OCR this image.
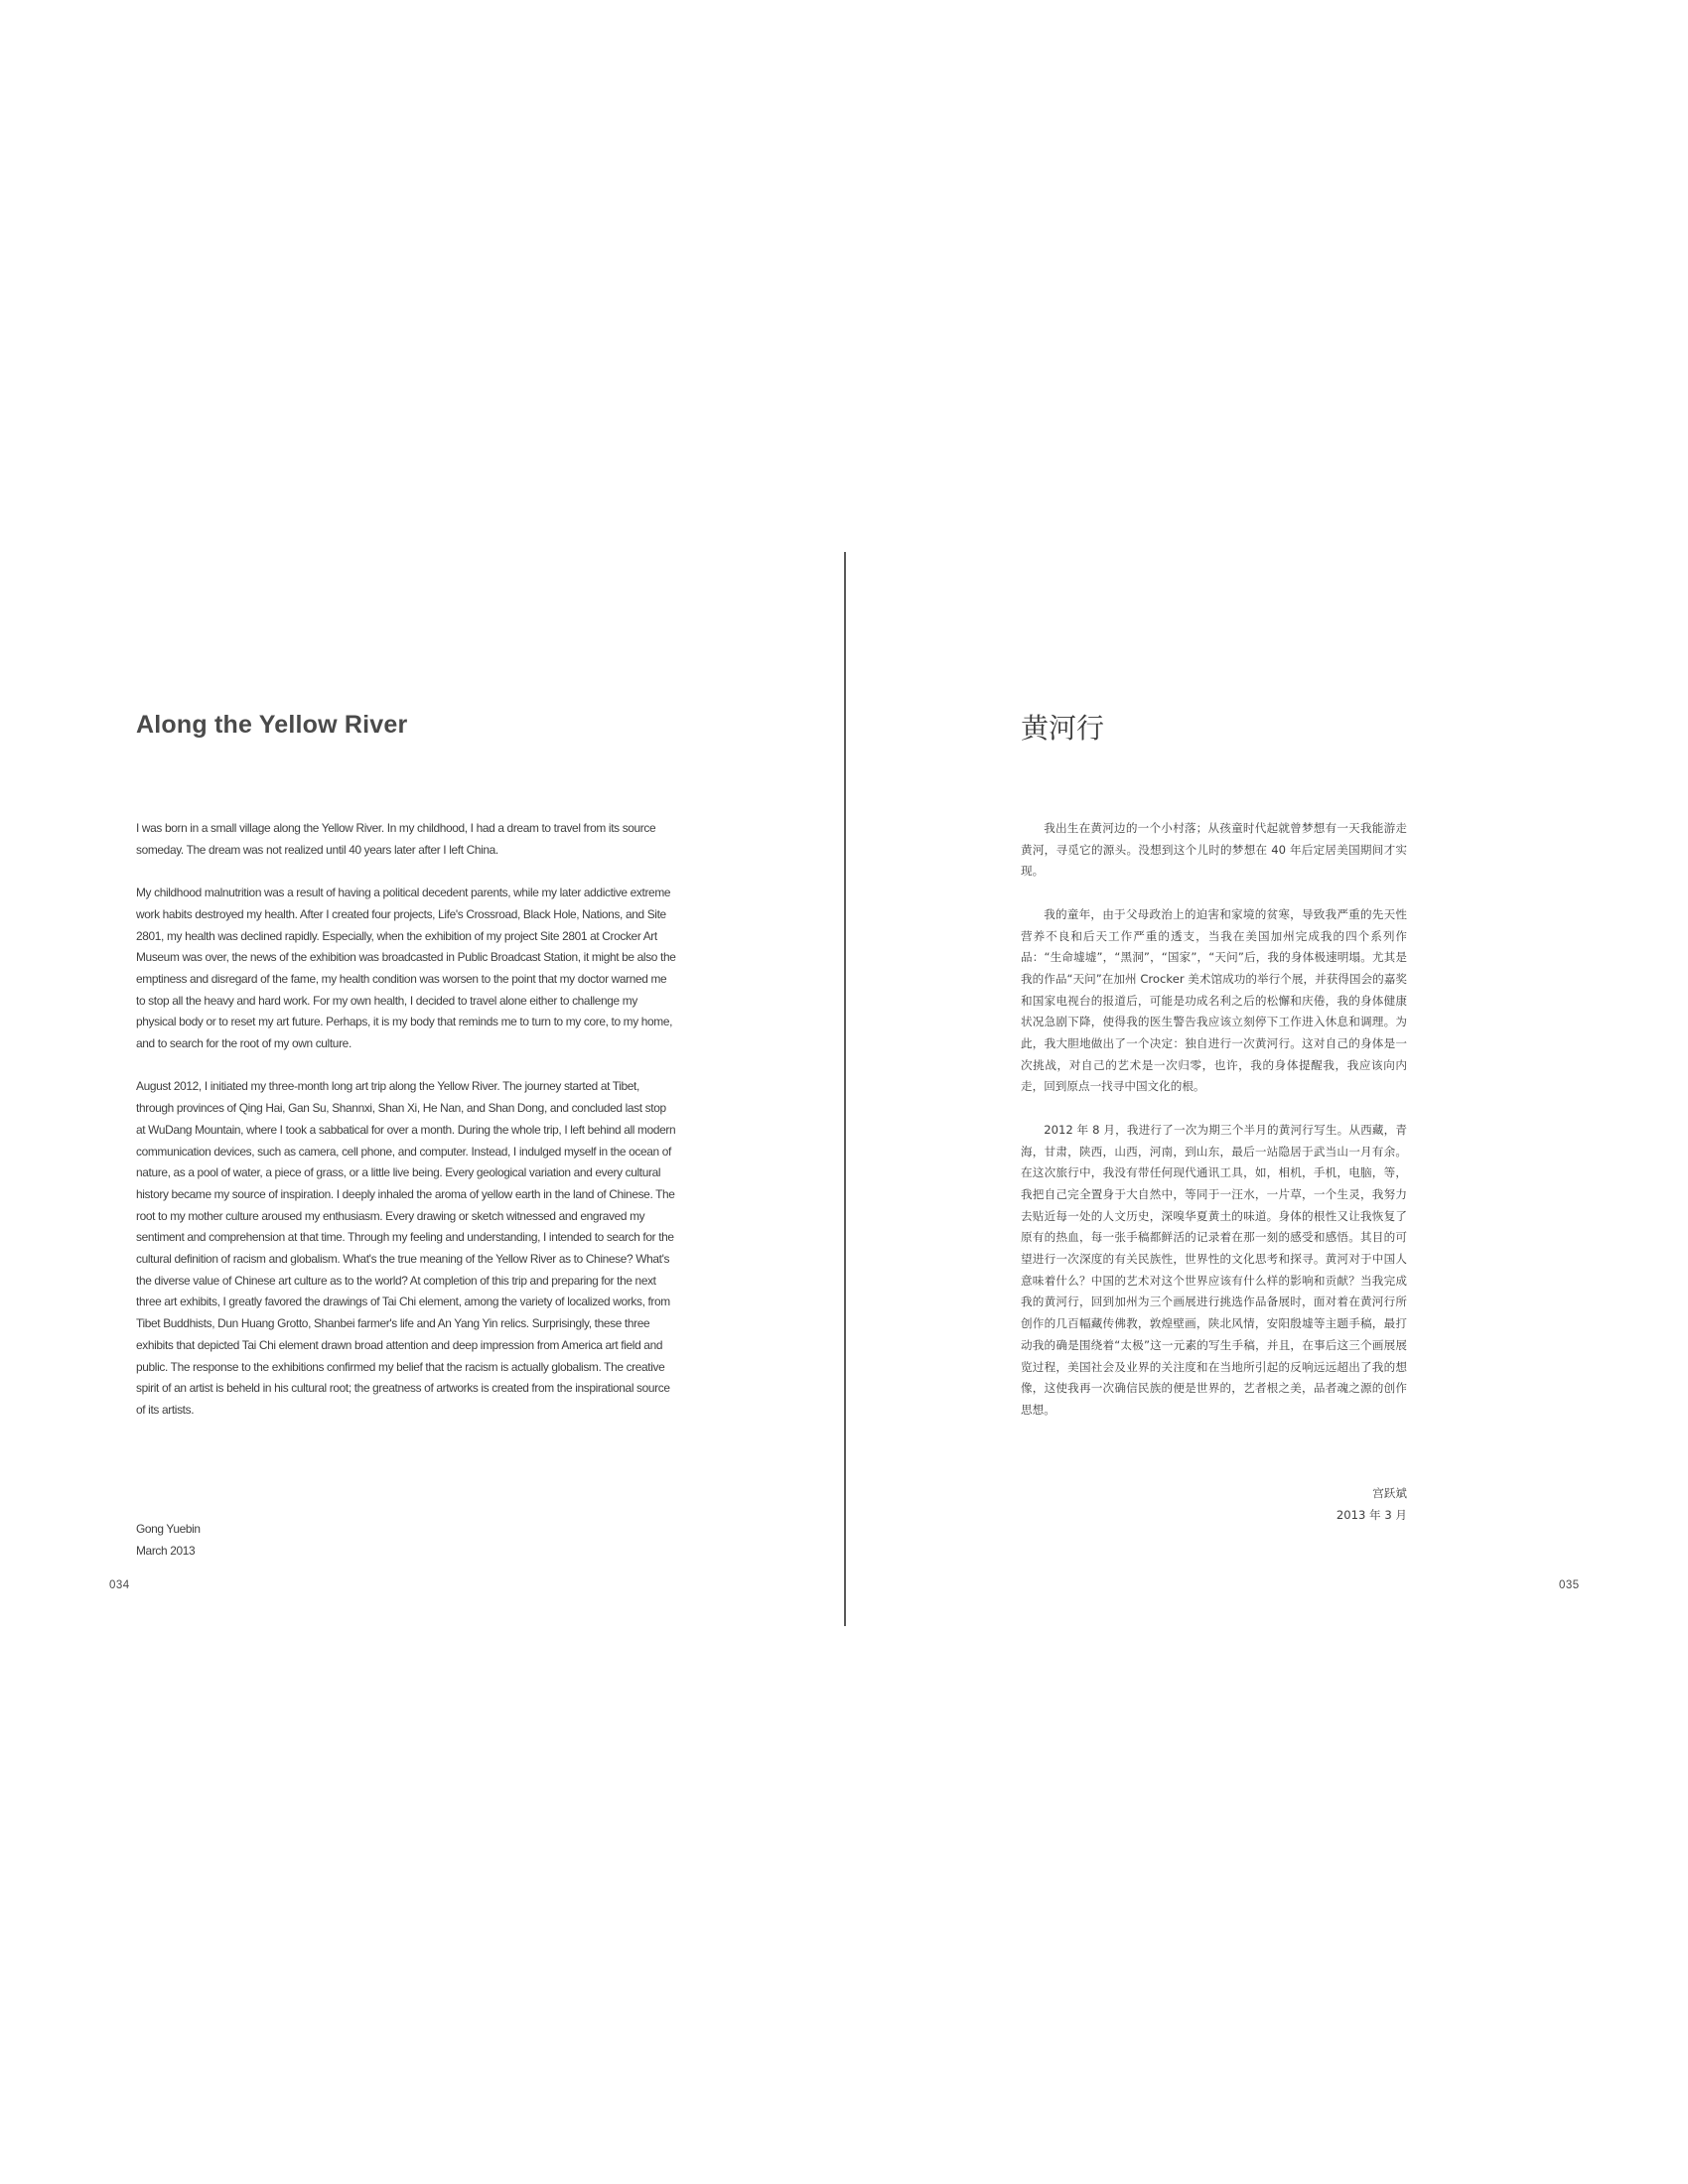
Along the Yellow River

I was born in a small village along the Yellow River. In my childhood, I had a dream to travel from its source someday. The dream was not realized until 40 years later after I left China.

My childhood malnutrition was a result of having a political decedent parents, while my later addictive extreme work habits destroyed my health. After I created four projects, Life's Crossroad, Black Hole, Nations, and Site 2801, my health was declined rapidly. Especially, when the exhibition of my project Site 2801 at Crocker Art Museum was over, the news of the exhibition was broadcasted in Public Broadcast Station, it might be also the emptiness and disregard of the fame, my health condition was worsen to the point that my doctor warned me to stop all the heavy and hard work. For my own health, I decided to travel alone either to challenge my physical body or to reset my art future. Perhaps, it is my body that reminds me to turn to my core, to my home, and to search for the root of my own culture.

August 2012, I initiated my three-month long art trip along the Yellow River. The journey started at Tibet, through provinces of Qing Hai, Gan Su, Shannxi, Shan Xi, He Nan, and Shan Dong, and concluded last stop at WuDang Mountain, where I took a sabbatical for over a month. During the whole trip, I left behind all modern communication devices, such as camera, cell phone, and computer. Instead, I indulged myself in the ocean of nature, as a pool of water, a piece of grass, or a little live being. Every geological variation and every cultural history became my source of inspiration. I deeply inhaled the aroma of yellow earth in the land of Chinese. The root to my mother culture aroused my enthusiasm. Every drawing or sketch witnessed and engraved my sentiment and comprehension at that time. Through my feeling and understanding, I intended to search for the cultural definition of racism and globalism. What's the true meaning of the Yellow River as to Chinese? What's the diverse value of Chinese art culture as to the world? At completion of this trip and preparing for the next three art exhibits, I greatly favored the drawings of Tai Chi element, among the variety of localized works, from Tibet Buddhists, Dun Huang Grotto, Shanbei farmer's life and An Yang Yin relics. Surprisingly, these three exhibits that depicted Tai Chi element drawn broad attention and deep impression from America art field and public. The response to the exhibitions confirmed my belief that the racism is actually globalism. The creative spirit of an artist is beheld in his cultural root; the greatness of artworks is created from the inspirational source of its artists.

Gong Yuebin
March 2013
034
黄河行

我出生在黄河边的一个小村落；从孩童时代起就曾梦想有一天我能游走黄河，寻觅它的源头。没想到这个儿时的梦想在 40 年后定居美国期间才实现。

我的童年，由于父母政治上的迫害和家境的贫寒，导致我严重的先天性营养不良和后天工作严重的透支，当我在美国加州完成我的四个系列作品：“生命墟墟”，“黑洞”，“国家”，“天问”后，我的身体极速明塌。尤其是我的作品“天问”在加州 Crocker 美术馆成功的举行个展，并获得国会的嘉奖和国家电视台的报道后，可能是功成名利之后的松懈和庆倦，我的身体健康状况急剧下降，使得我的医生警告我应该立刻停下工作进入休息和调理。为此，我大胆地做出了一个决定：独自进行一次黄河行。这对自己的身体是一次挑战，对自己的艺术是一次归零，也许，我的身体提醒我，我应该向内走，回到原点一找寻中国文化的根。

2012 年 8 月，我进行了一次为期三个半月的黄河行写生。从西藏，青海，甘肃，陕西，山西，河南，到山东，最后一站隐居于武当山一月有余。在这次旅行中，我没有带任何现代通讯工具，如，相机，手机，电脑，等，我把自己完全置身于大自然中，等同于一汪水，一片草，一个生灵，我努力去贴近每一处的人文历史，深嗅华夏黄土的味道。身体的根性又让我恢复了原有的热血，每一张手稿都鲜活的记录着在那一刻的感受和感悟。其目的可望进行一次深度的有关民族性，世界性的文化思考和探寻。黄河对于中国人意味着什么？中国的艺术对这个世界应该有什么样的影响和贡献？当我完成我的黄河行，回到加州为三个画展进行挑选作品备展时，面对着在黄河行所创作的几百幅藏传佛教，敦煌壁画，陕北风情，安阳殷墟等主题手稿，最打动我的确是围绕着“太极”这一元素的写生手稿，并且，在事后这三个画展展览过程，美国社会及业界的关注度和在当地所引起的反响远远超出了我的想像，这使我再一次确信民族的便是世界的，艺者根之美，品者魂之源的创作思想。

宫跃斌
2013 年 3 月
035
